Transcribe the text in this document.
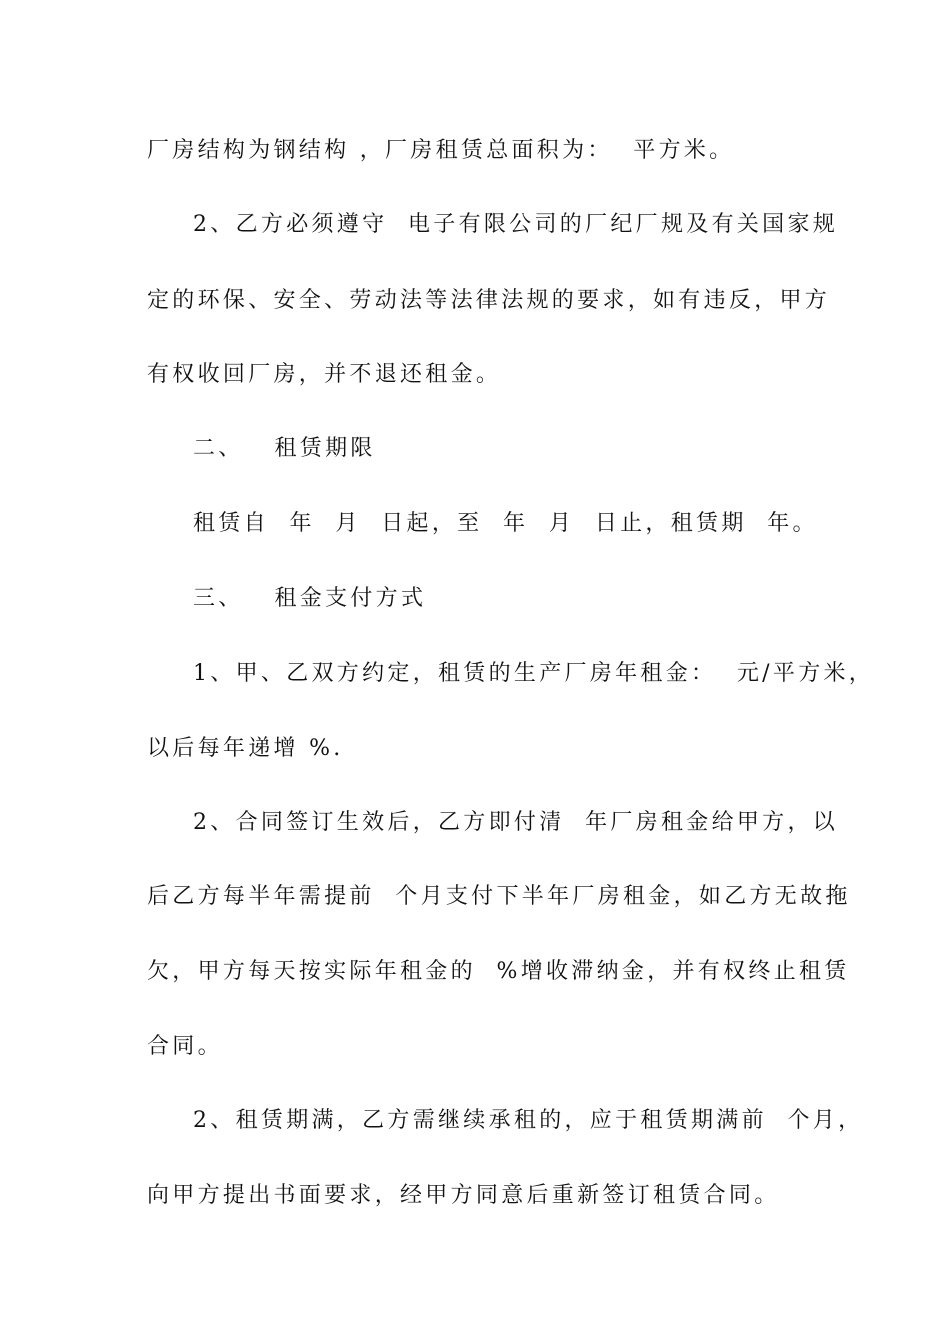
厂房结构为钢结构 ，厂房租赁总面积为：  平方米。
2、乙方必须遵守  电子有限公司的厂纪厂规及有关国家规
定的环保、安全、劳动法等法律法规的要求，如有违反，甲方
有权收回厂房，并不退还租金。
二、   租赁期限
租赁自  年  月  日起，至  年  月  日止，租赁期  年。
三、   租金支付方式
1、甲、乙双方约定，租赁的生产厂房年租金：  元/平方米，
以后每年递增 %.
2、合同签订生效后，乙方即付清  年厂房租金给甲方，以
后乙方每半年需提前  个月支付下半年厂房租金，如乙方无故拖
欠，甲方每天按实际年租金的  %增收滞纳金，并有权终止租赁
合同。
2、租赁期满，乙方需继续承租的，应于租赁期满前  个月，
向甲方提出书面要求，经甲方同意后重新签订租赁合同。
